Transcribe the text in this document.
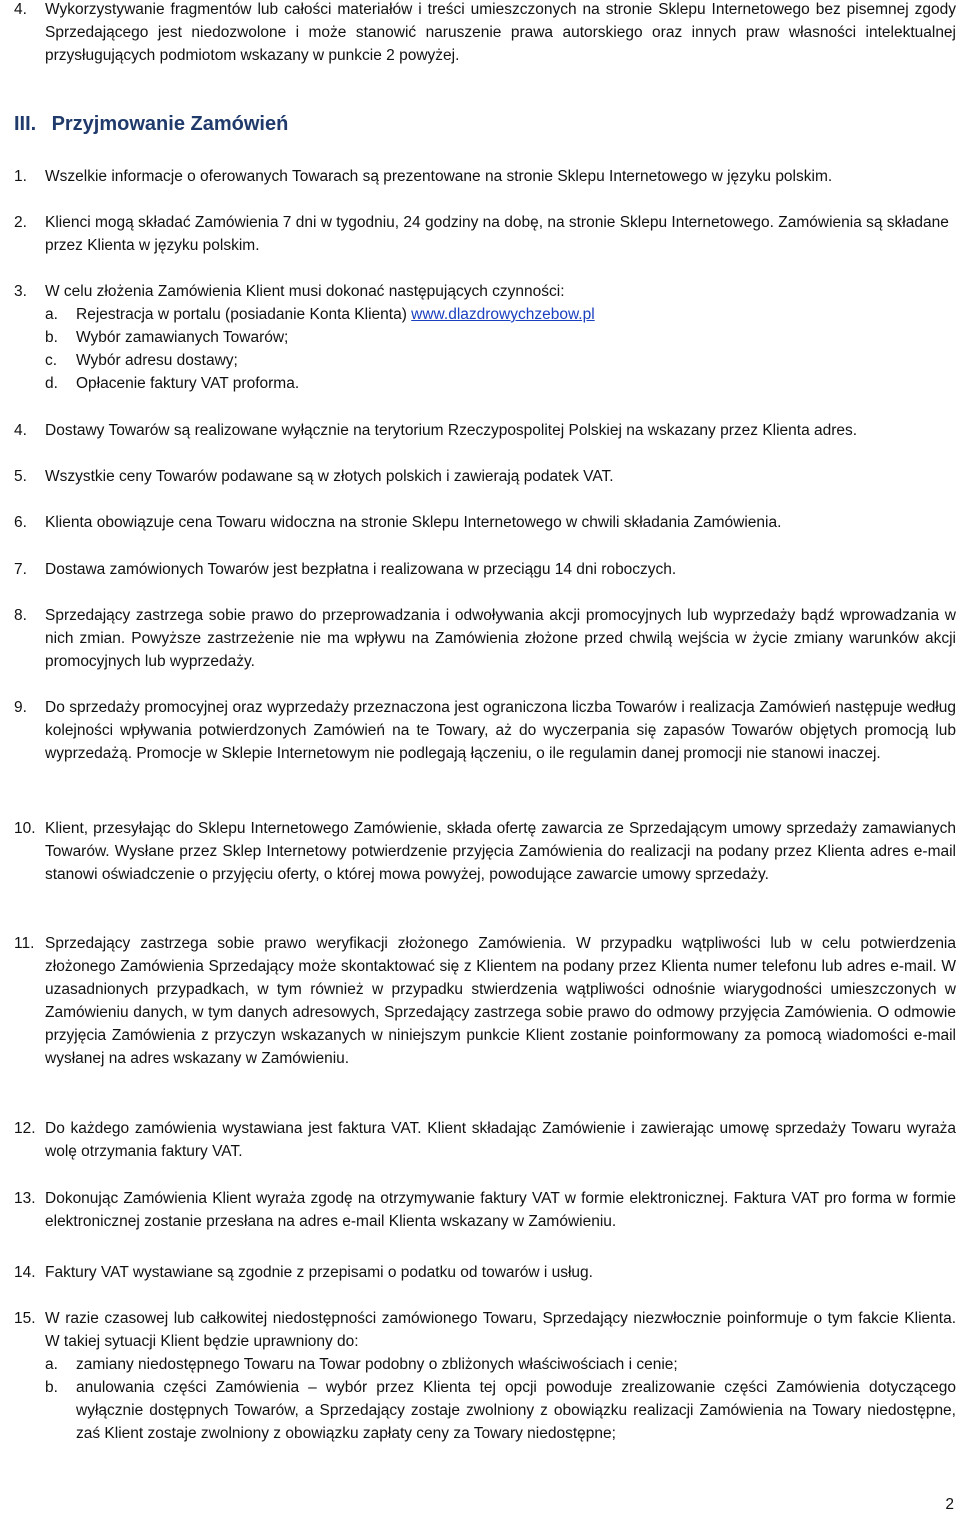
4. Wykorzystywanie fragmentów lub całości materiałów i treści umieszczonych na stronie Sklepu Internetowego bez pisemnej zgody Sprzedającego jest niedozwolone i może stanowić naruszenie prawa autorskiego oraz innych praw własności intelektualnej przysługujących podmiotom wskazany w punkcie 2 powyżej.
III. Przyjmowanie Zamówień
1. Wszelkie informacje o oferowanych Towarach są prezentowane na stronie Sklepu Internetowego w języku polskim.
2. Klienci mogą składać Zamówienia 7 dni w tygodniu, 24 godziny na dobę, na stronie Sklepu Internetowego. Zamówienia są składane przez Klienta w języku polskim.
3. W celu złożenia Zamówienia Klient musi dokonać następujących czynności:
a. Rejestracja w portalu (posiadanie Konta Klienta) www.dlazdrowychzebow.pl
b. Wybór zamawianych Towarów;
c. Wybór adresu dostawy;
d. Opłacenie faktury VAT proforma.
4. Dostawy Towarów są realizowane wyłącznie na terytorium Rzeczypospolitej Polskiej na wskazany przez Klienta adres.
5. Wszystkie ceny Towarów podawane są w złotych polskich i zawierają podatek VAT.
6. Klienta obowiązuje cena Towaru widoczna na stronie Sklepu Internetowego w chwili składania Zamówienia.
7. Dostawa zamówionych Towarów jest bezpłatna i realizowana w przeciągu 14 dni roboczych.
8. Sprzedający zastrzega sobie prawo do przeprowadzania i odwoływania akcji promocyjnych lub wyprzedaży bądź wprowadzania w nich zmian. Powyższe zastrzeżenie nie ma wpływu na Zamówienia złożone przed chwilą wejścia w życie zmiany warunków akcji promocyjnych lub wyprzedaży.
9. Do sprzedaży promocyjnej oraz wyprzedaży przeznaczona jest ograniczona liczba Towarów i realizacja Zamówień następuje według kolejności wpływania potwierdzonych Zamówień na te Towary, aż do wyczerpania się zapasów Towarów objętych promocją lub wyprzedażą. Promocje w Sklepie Internetowym nie podlegają łączeniu, o ile regulamin danej promocji nie stanowi inaczej.
10. Klient, przesyłając do Sklepu Internetowego Zamówienie, składa ofertę zawarcia ze Sprzedającym umowy sprzedaży zamawianych Towarów. Wysłane przez Sklep Internetowy potwierdzenie przyjęcia Zamówienia do realizacji na podany przez Klienta adres e-mail stanowi oświadczenie o przyjęciu oferty, o której mowa powyżej, powodujące zawarcie umowy sprzedaży.
11. Sprzedający zastrzega sobie prawo weryfikacji złożonego Zamówienia. W przypadku wątpliwości lub w celu potwierdzenia złożonego Zamówienia Sprzedający może skontaktować się z Klientem na podany przez Klienta numer telefonu lub adres e-mail. W uzasadnionych przypadkach, w tym również w przypadku stwierdzenia wątpliwości odnośnie wiarygodności umieszczonych w Zamówieniu danych, w tym danych adresowych, Sprzedający zastrzega sobie prawo do odmowy przyjęcia Zamówienia. O odmowie przyjęcia Zamówienia z przyczyn wskazanych w niniejszym punkcie Klient zostanie poinformowany za pomocą wiadomości e-mail wysłanej na adres wskazany w Zamówieniu.
12. Do każdego zamówienia wystawiana jest faktura VAT. Klient składając Zamówienie i zawierając umowę sprzedaży Towaru wyraża wolę otrzymania faktury VAT.
13. Dokonując Zamówienia Klient wyraża zgodę na otrzymywanie faktury VAT w formie elektronicznej. Faktura VAT pro forma w formie elektronicznej zostanie przesłana na adres e-mail Klienta wskazany w Zamówieniu.
14. Faktury VAT wystawiane są zgodnie z przepisami o podatku od towarów i usług.
15. W razie czasowej lub całkowitej niedostępności zamówionego Towaru, Sprzedający niezwłocznie poinformuje o tym fakcie Klienta. W takiej sytuacji Klient będzie uprawniony do:
a. zamiany niedostępnego Towaru na Towar podobny o zbliżonych właściwościach i cenie;
b. anulowania części Zamówienia – wybór przez Klienta tej opcji powoduje zrealizowanie części Zamówienia dotyczącego wyłącznie dostępnych Towarów, a Sprzedający zostaje zwolniony z obowiązku realizacji Zamówienia na Towary niedostępne, zaś Klient zostaje zwolniony z obowiązku zapłaty ceny za Towary niedostępne;
2
